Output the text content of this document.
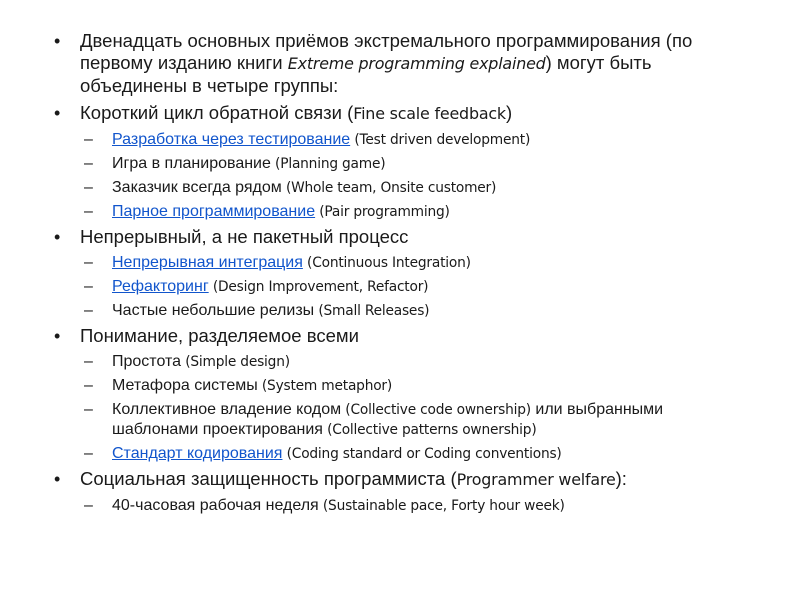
• Двенадцать основных приёмов экстремального программирования (по первому изданию книги Extreme programming explained) могут быть объединены в четыре группы:
• Короткий цикл обратной связи (Fine scale feedback)
– Разработка через тестирование (Test driven development)
– Игра в планирование (Planning game)
– Заказчик всегда рядом (Whole team, Onsite customer)
– Парное программирование (Pair programming)
• Непрерывный, а не пакетный процесс
– Непрерывная интеграция (Continuous Integration)
– Рефакторинг (Design Improvement, Refactor)
– Частые небольшие релизы (Small Releases)
• Понимание, разделяемое всеми
– Простота (Simple design)
– Метафора системы (System metaphor)
– Коллективное владение кодом (Collective code ownership) или выбранными шаблонами проектирования (Collective patterns ownership)
– Стандарт кодирования (Coding standard or Coding conventions)
• Социальная защищенность программиста (Programmer welfare):
– 40-часовая рабочая неделя (Sustainable pace, Forty hour week)
